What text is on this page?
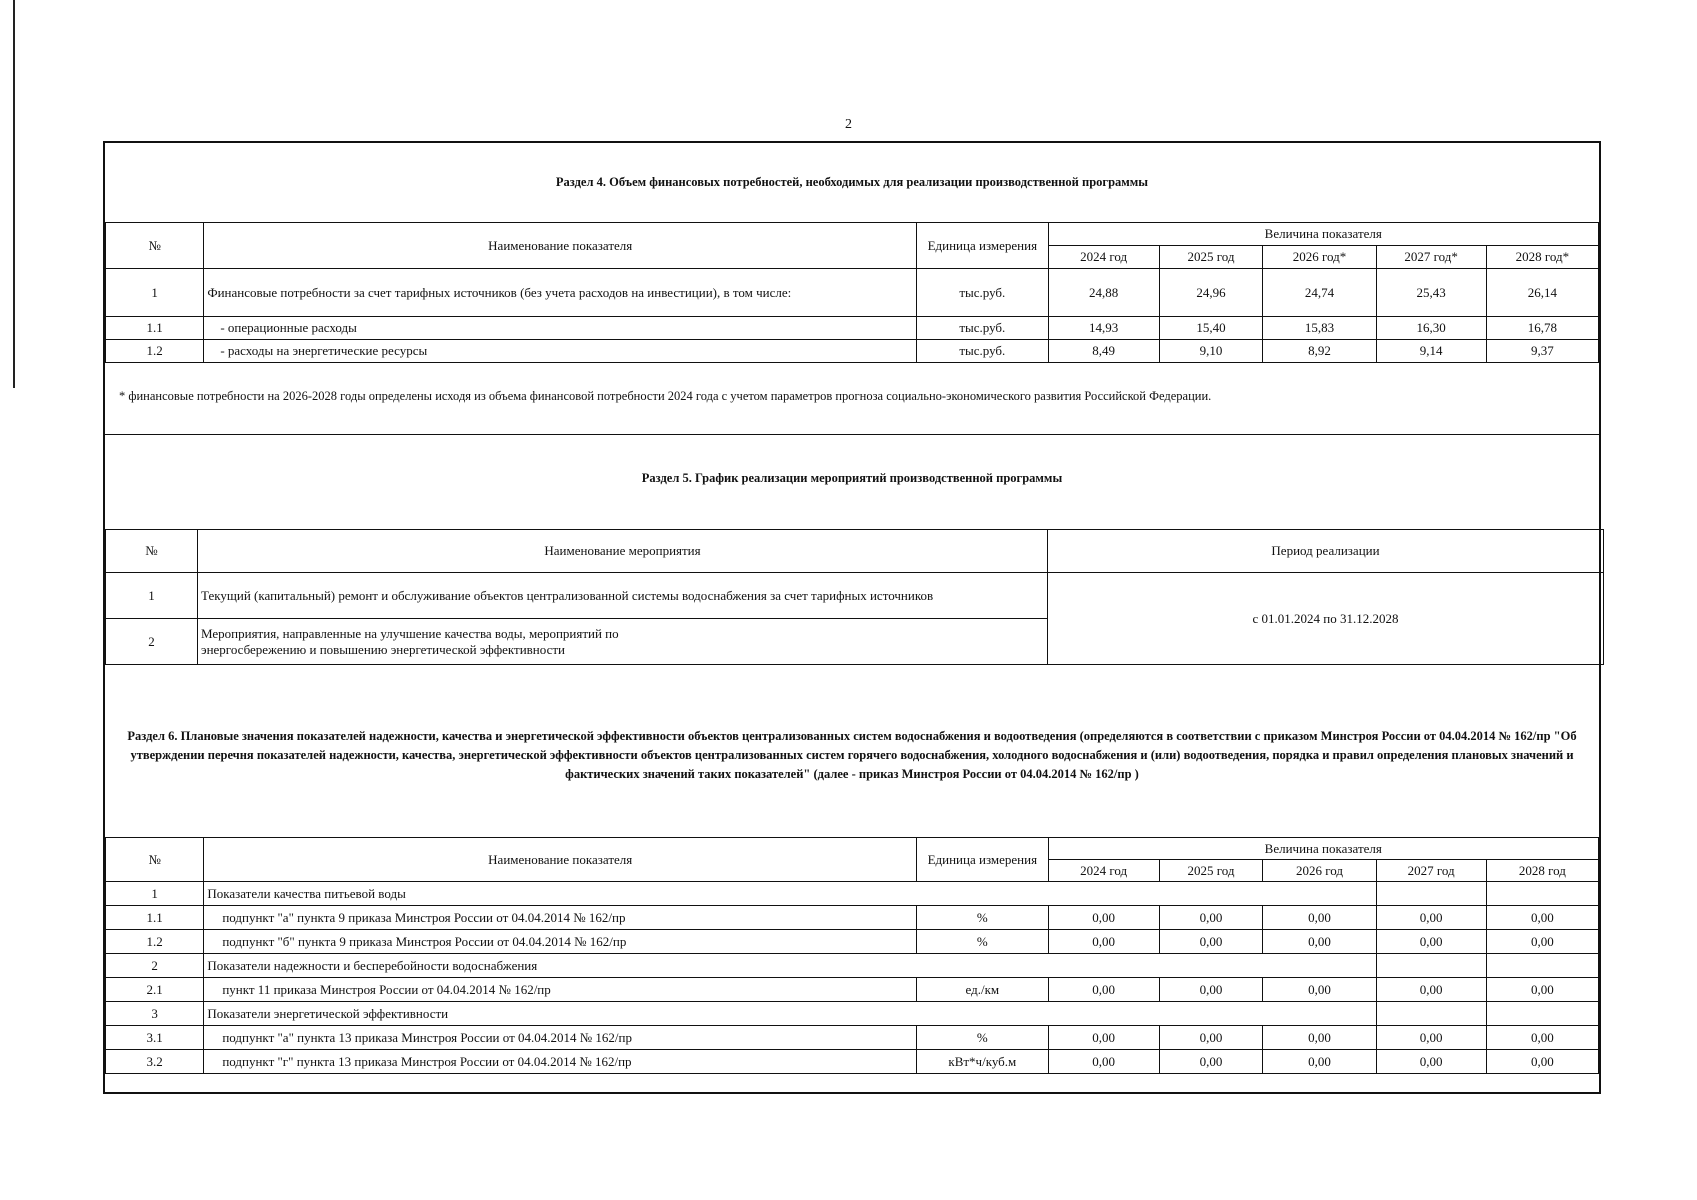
2
Раздел 4. Объем финансовых потребностей, необходимых для реализации производственной программы
№	Наименование показателя	Единица измерения	Величина показателя				
			2024 год	2025 год	2026 год*	2027 год*	2028 год*
1	Финансовые потребности за счет тарифных источников (без учета расходов на инвестиции), в том числе:	тыс.руб.	24,88	24,96	24,74	25,43	26,14
1.1	- операционные расходы	тыс.руб.	14,93	15,40	15,83	16,30	16,78
1.2	- расходы на энергетические ресурсы	тыс.руб.	8,49	9,10	8,92	9,14	9,37
* финансовые потребности на 2026-2028 годы определены исходя из объема финансовой потребности 2024 года с учетом параметров прогноза социально-экономического развития Российской Федерации.
Раздел 5. График реализации мероприятий производственной программы
№	Наименование мероприятия	Период реализации
1	Текущий (капитальный) ремонт и обслуживание объектов централизованной системы водоснабжения за счет тарифных источников	с 01.01.2024 по 31.12.2028
2	Мероприятия, направленные на улучшение качества воды, мероприятий по энергосбережению и повышению энергетической эффективности	
Раздел 6. Плановые значения показателей надежности, качества и энергетической эффективности объектов централизованных систем водоснабжения и водоотведения (определяются в соответствии с приказом Минстроя России от 04.04.2014 № 162/пр "Об утверждении перечня показателей надежности, качества, энергетической эффективности объектов централизованных систем горячего водоснабжения, холодного водоснабжения и (или) водоотведения, порядка и правил определения плановых значений и фактических значений таких показателей" (далее - приказ Минстроя России от 04.04.2014 № 162/пр )
№	Наименование показателя	Единица измерения	Величина показателя				
			2024 год	2025 год	2026 год	2027 год	2028 год
1	Показатели качества питьевой воды						
1.1	подпункт "а" пункта 9 приказа Минстроя России от 04.04.2014 № 162/пр	%	0,00	0,00	0,00	0,00	0,00
1.2	подпункт "б" пункта 9 приказа Минстроя России от 04.04.2014 № 162/пр	%	0,00	0,00	0,00	0,00	0,00
2	Показатели надежности и бесперебойности водоснабжения						
2.1	пункт 11 приказа Минстроя России от 04.04.2014 № 162/пр	ед./км	0,00	0,00	0,00	0,00	0,00
3	Показатели энергетической эффективности						
3.1	подпункт "а" пункта 13 приказа Минстроя России от 04.04.2014 № 162/пр	%	0,00	0,00	0,00	0,00	0,00
3.2	подпункт "г" пункта 13 приказа Минстроя России от 04.04.2014 № 162/пр	кВт*ч/куб.м	0,00	0,00	0,00	0,00	0,00
